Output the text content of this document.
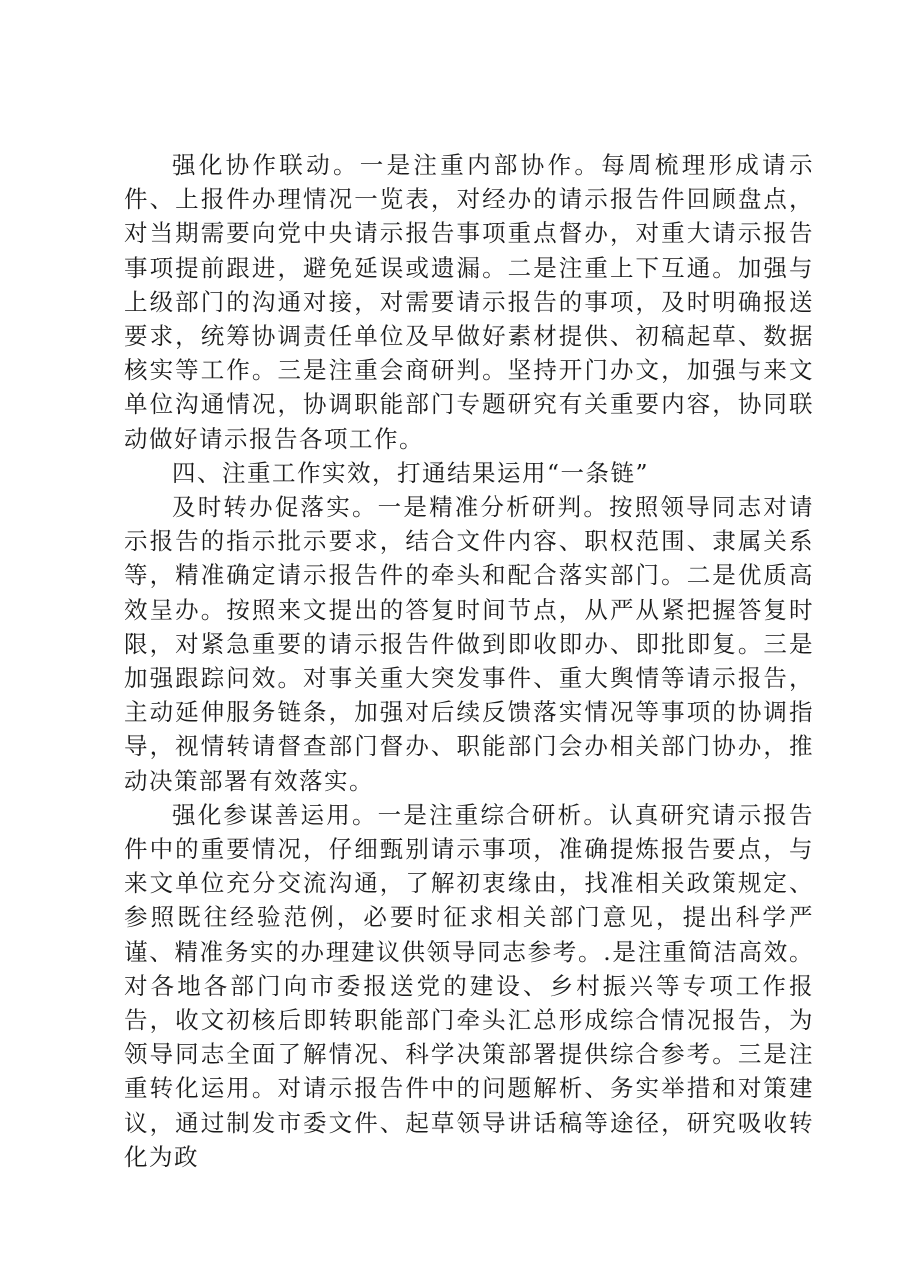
强化协作联动。一是注重内部协作。每周梳理形成请示件、上报件办理情况一览表，对经办的请示报告件回顾盘点，对当期需要向党中央请示报告事项重点督办，对重大请示报告事项提前跟进，避免延误或遗漏。二是注重上下互通。加强与上级部门的沟通对接，对需要请示报告的事项，及时明确报送要求，统筹协调责任单位及早做好素材提供、初稿起草、数据核实等工作。三是注重会商研判。坚持开门办文，加强与来文单位沟通情况，协调职能部门专题研究有关重要内容，协同联动做好请示报告各项工作。

四、注重工作实效，打通结果运用“一条链”

及时转办促落实。一是精准分析研判。按照领导同志对请示报告的指示批示要求，结合文件内容、职权范围、隶属关系等，精准确定请示报告件的牵头和配合落实部门。二是优质高效呈办。按照来文提出的答复时间节点，从严从紧把握答复时限，对紧急重要的请示报告件做到即收即办、即批即复。三是加强跟踪问效。对事关重大突发事件、重大舆情等请示报告，主动延伸服务链条，加强对后续反馈落实情况等事项的协调指导，视情转请督查部门督办、职能部门会办相关部门协办，推动决策部署有效落实。

强化参谋善运用。一是注重综合研析。认真研究请示报告件中的重要情况，仔细甄别请示事项，准确提炼报告要点，与来文单位充分交流沟通，了解初衷缘由，找准相关政策规定、参照既往经验范例，必要时征求相关部门意见，提出科学严谨、精准务实的办理建议供领导同志参考。.是注重简洁高效。对各地各部门向市委报送党的建设、乡村振兴等专项工作报告，收文初核后即转职能部门牵头汇总形成综合情况报告，为领导同志全面了解情况、科学决策部署提供综合参考。三是注重转化运用。对请示报告件中的问题解析、务实举措和对策建议，通过制发市委文件、起草领导讲话稿等途径，研究吸收转化为政
